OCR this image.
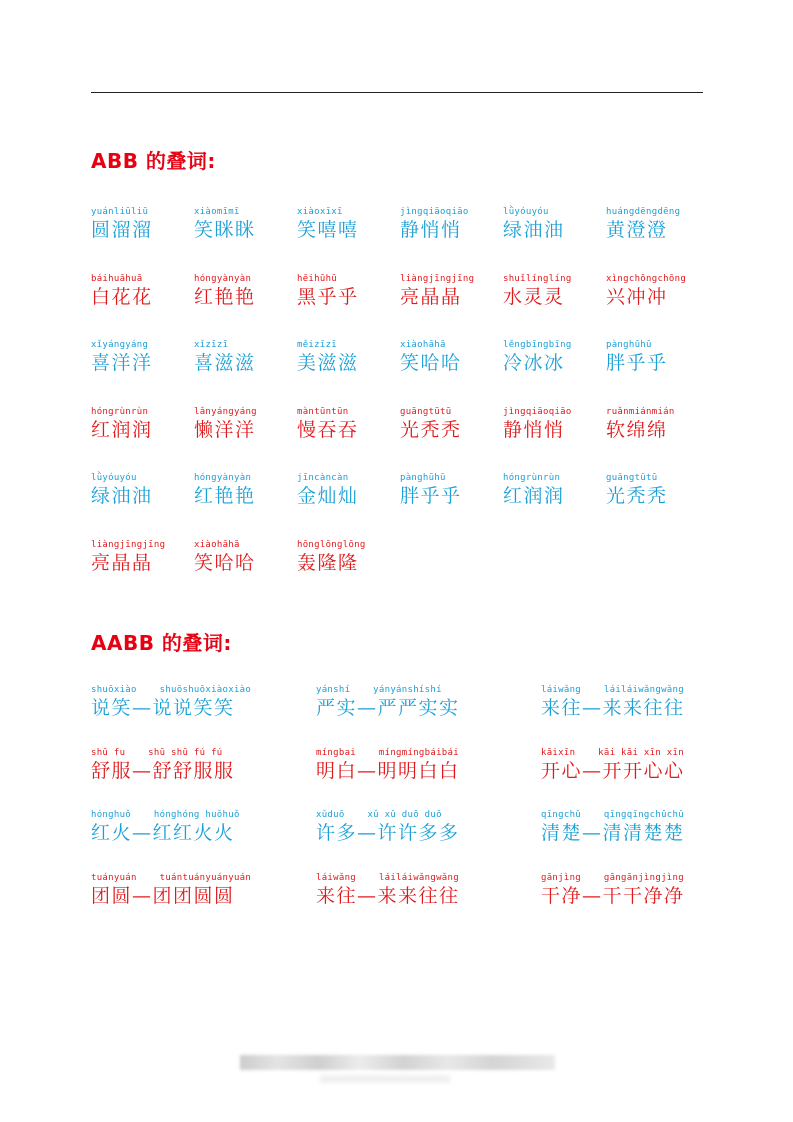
ABB 的叠词:
yuánliūliū
圆溜溜
xiàomīmī
笑眯眯
xiàoxīxī
笑嘻嘻
jìngqiāoqiāo
静悄悄
lǜyóuyóu
绿油油
huángdēngdēng
黄澄澄
báihuāhuā
白花花
hóngyànyàn
红艳艳
hēihūhū
黑乎乎
liàngjīngjīng
亮晶晶
shuǐlínglíng
水灵灵
xìngchōngchōng
兴冲冲
xǐyángyáng
喜洋洋
xǐzīzī
喜滋滋
měizīzī
美滋滋
xiàohāhā
笑哈哈
lěngbīngbīng
冷冰冰
pànghūhū
胖乎乎
hóngrùnrùn
红润润
lǎnyángyáng
懒洋洋
màntūntūn
慢吞吞
guāngtūtū
光秃秃
jìngqiāoqiāo
静悄悄
ruǎnmiánmián
软绵绵
lǜyóuyóu
绿油油
hóngyànyàn
红艳艳
jīncàncàn
金灿灿
pànghūhū
胖乎乎
hóngrùnrùn
红润润
guāngtūtū
光秃秃
liàngjīngjīng
亮晶晶
xiàohāhā
笑哈哈
hōnglōnglōng
轰隆隆
AABB 的叠词:
shuōxiào    shuōshuōxiàoxiào
说笑—说说笑笑
yánshí    yányánshíshí
严实—严严实实
láiwǎng    láiláiwǎngwǎng
来往—来来往往
shū fu    shū shū fú fú
舒服—舒舒服服
míngbai    míngmíngbáibái
明白—明明白白
kāixīn    kāi kāi xīn xīn
开心—开开心心
hónghuǒ    hónghóng huǒhuǒ
红火—红红火火
xǔduō    xǔ xǔ duō duō
许多—许许多多
qīngchǔ    qīngqīngchǔchǔ
清楚—清清楚楚
tuányuán    tuántuányuányuán
团圆—团团圆圆
láiwǎng    láiláiwǎngwǎng
来往—来来往往
gānjìng    gāngānjìngjìng
干净—干干净净
